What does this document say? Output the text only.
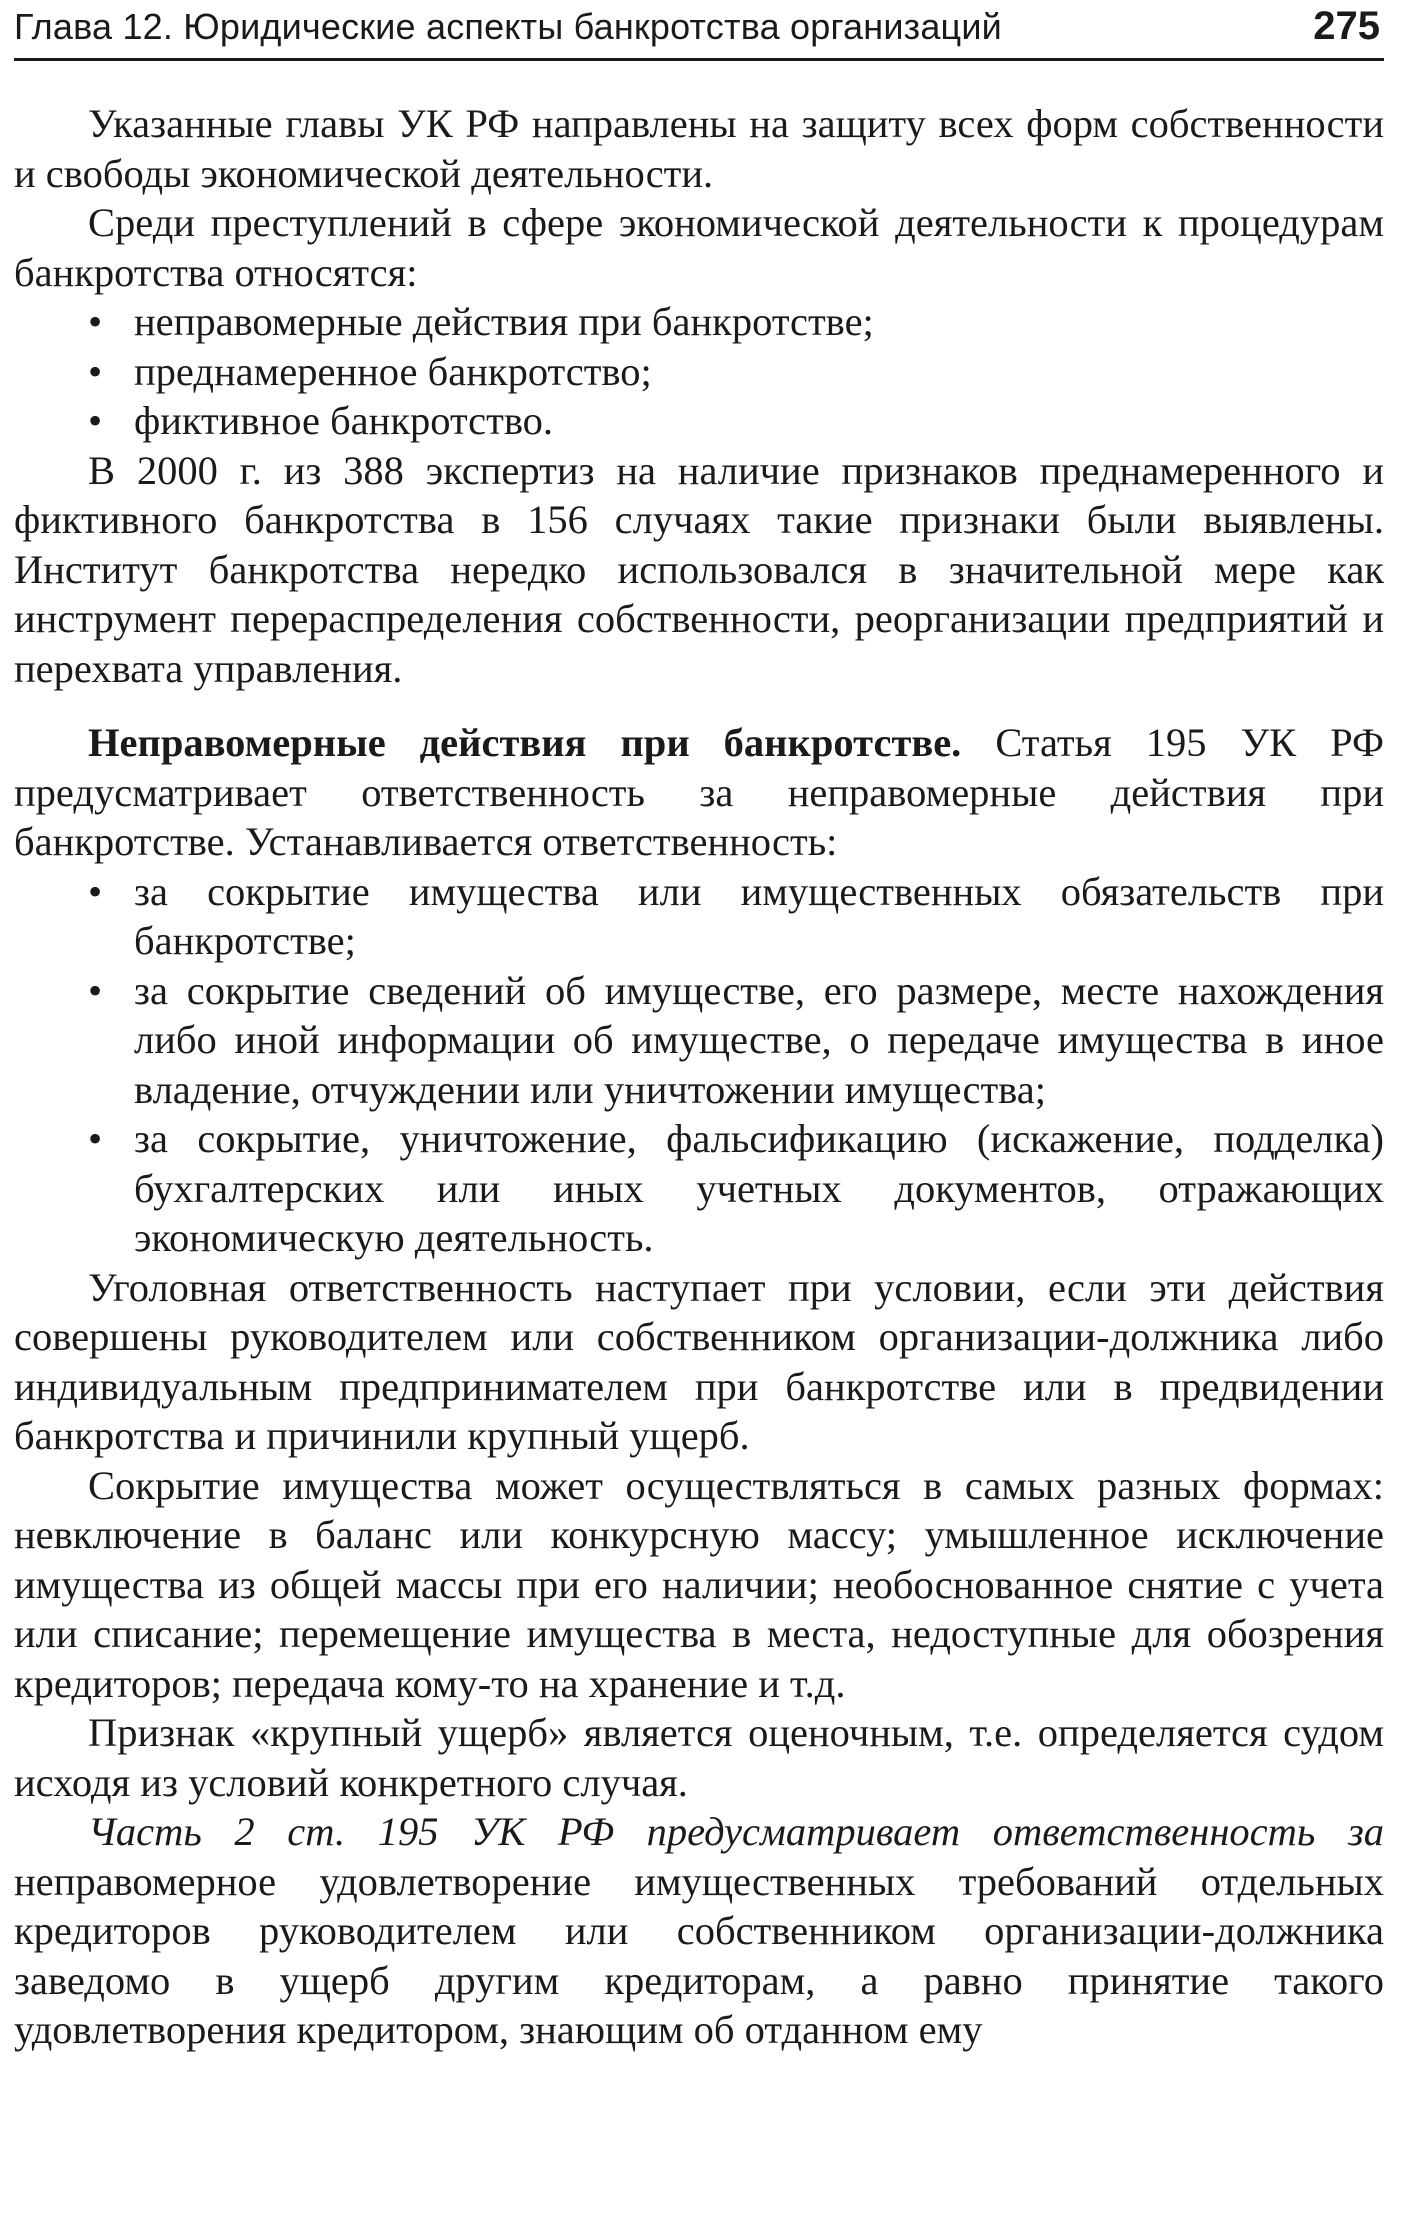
Глава 12. Юридические аспекты банкротства организаций	275

Указанные главы УК РФ направлены на защиту всех форм собственности и свободы экономической деятельности.

Среди преступлений в сфере экономической деятельности к процедурам банкротства относятся:

• неправомерные действия при банкротстве;
• преднамеренное банкротство;
• фиктивное банкротство.

В 2000 г. из 388 экспертиз на наличие признаков преднамеренного и фиктивного банкротства в 156 случаях такие признаки были выявлены. Институт банкротства нередко использовался в значительной мере как инструмент перераспределения собственности, реорганизации предприятий и перехвата управления.

Неправомерные действия при банкротстве. Статья 195 УК РФ предусматривает ответственность за неправомерные действия при банкротстве. Устанавливается ответственность:

• за сокрытие имущества или имущественных обязательств при банкротстве;
• за сокрытие сведений об имуществе, его размере, месте нахождения либо иной информации об имуществе, о передаче имущества в иное владение, отчуждении или уничтожении имущества;
• за сокрытие, уничтожение, фальсификацию (искажение, подделка) бухгалтерских или иных учетных документов, отражающих экономическую деятельность.

Уголовная ответственность наступает при условии, если эти действия совершены руководителем или собственником организации-должника либо индивидуальным предпринимателем при банкротстве или в предвидении банкротства и причинили крупный ущерб.

Сокрытие имущества может осуществляться в самых разных формах: невключение в баланс или конкурсную массу; умышленное исключение имущества из общей массы при его наличии; необоснованное снятие с учета или списание; перемещение имущества в места, недоступные для обозрения кредиторов; передача кому-то на хранение и т.д.

Признак «крупный ущерб» является оценочным, т.е. определяется судом исходя из условий конкретного случая.

Часть 2 ст. 195 УК РФ предусматривает ответственность за неправомерное удовлетворение имущественных требований отдельных кредиторов руководителем или собственником организации-должника заведомо в ущерб другим кредиторам, а равно принятие такого удовлетворения кредитором, знающим об отданном ему
